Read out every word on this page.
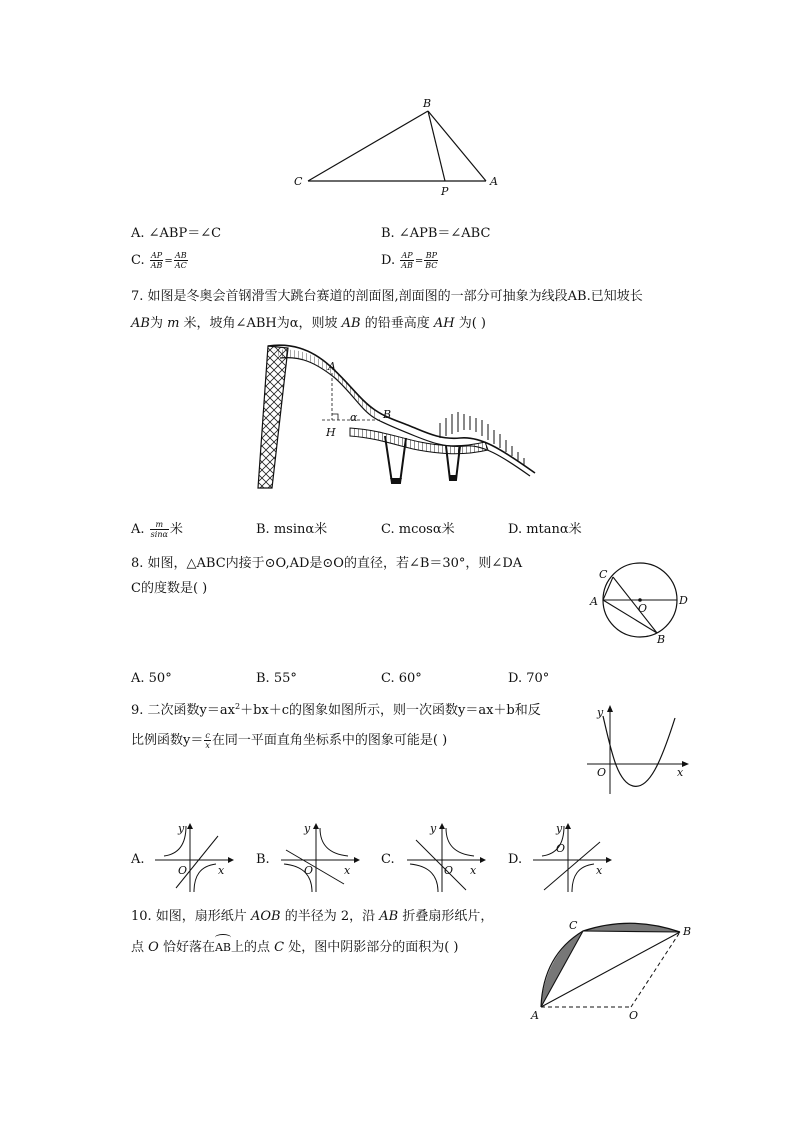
B
C
P
A
A. ∠ABP＝∠C	B. ∠APB＝∠ABC
C. $\frac{AP}{AB} = \frac{AB}{AC}$	D. $\frac{AP}{AB} = \frac{BP}{BC}$
7. 如图是冬奥会首钢滑雪大跳台赛道的剖面图,剖面图的一部分可抽象为线段AB.已知坡长
AB为 m 米，坡角∠ABH为α，则坡 AB 的铅垂高度 AH 为( )
A
B
H
α
A. $\frac{m}{\sin\alpha}$ 米	B. msinα米	C. mcosα米	D. mtanα米
8. 如图，△ABC内接于⊙O,AD是⊙O的直径，若∠B＝30°，则∠DA
C的度数是( )
C
A
O
D
B
A. 50°	B. 55°	C. 60°	D. 70°
9. 二次函数$y=ax^2+bx+c$的图象如图所示，则一次函数y＝ax＋b和反
比例函数$y= \frac{c}{x}$ 在同一平面直角坐标系中的图象可能是( )
y
O	x
A.
y
O	x
B.
y
O	x
C.
y
O x
D.
y
O
x
10. 如图，扇形纸片 AOB 的半径为 2，沿 AB 折叠扇形纸片，
点 O 恰好落在
AB上的点 C 处，图中阴影部分的面积为( )
C	B
A	O
